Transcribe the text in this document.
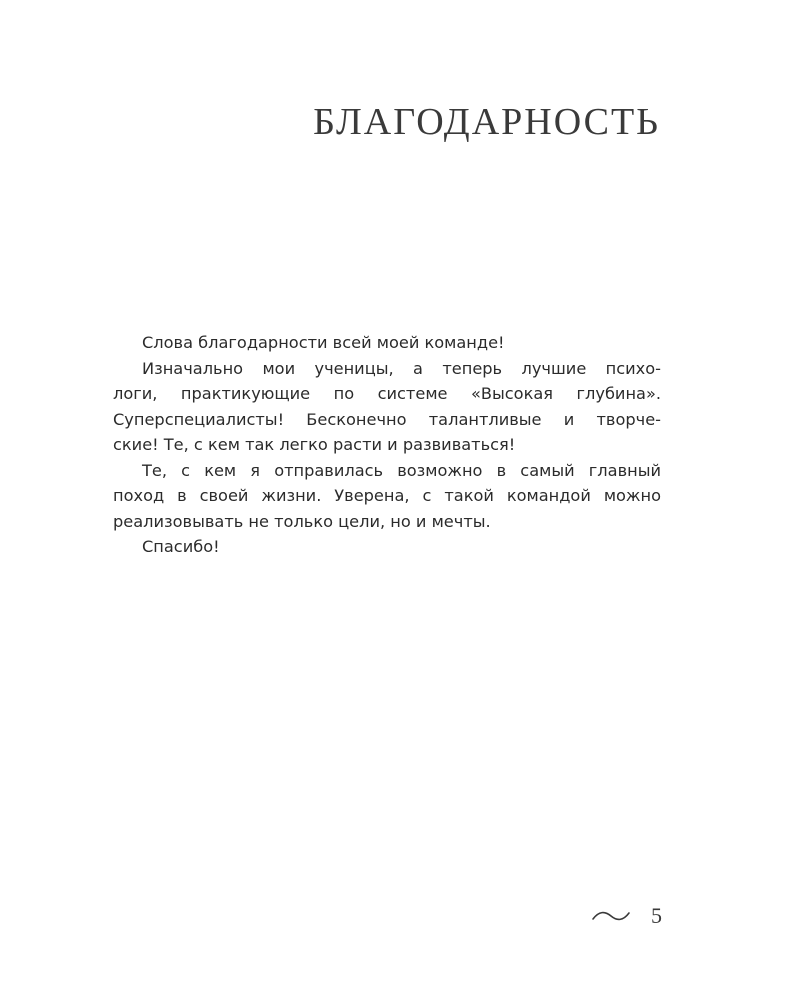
БЛАГОДАРНОСТЬ
Слова благодарности всей моей команде!
Изначально мои ученицы, а теперь лучшие психо-
логи, практикующие по системе «Высокая глубина».
Суперспециалисты! Бесконечно талантливые и творче-
ские! Те, с кем так легко расти и развиваться!
Те, с кем я отправилась возможно в самый главный
поход в своей жизни. Уверена, с такой командой можно
реализовывать не только цели, но и мечты.
Спасибо!
5
